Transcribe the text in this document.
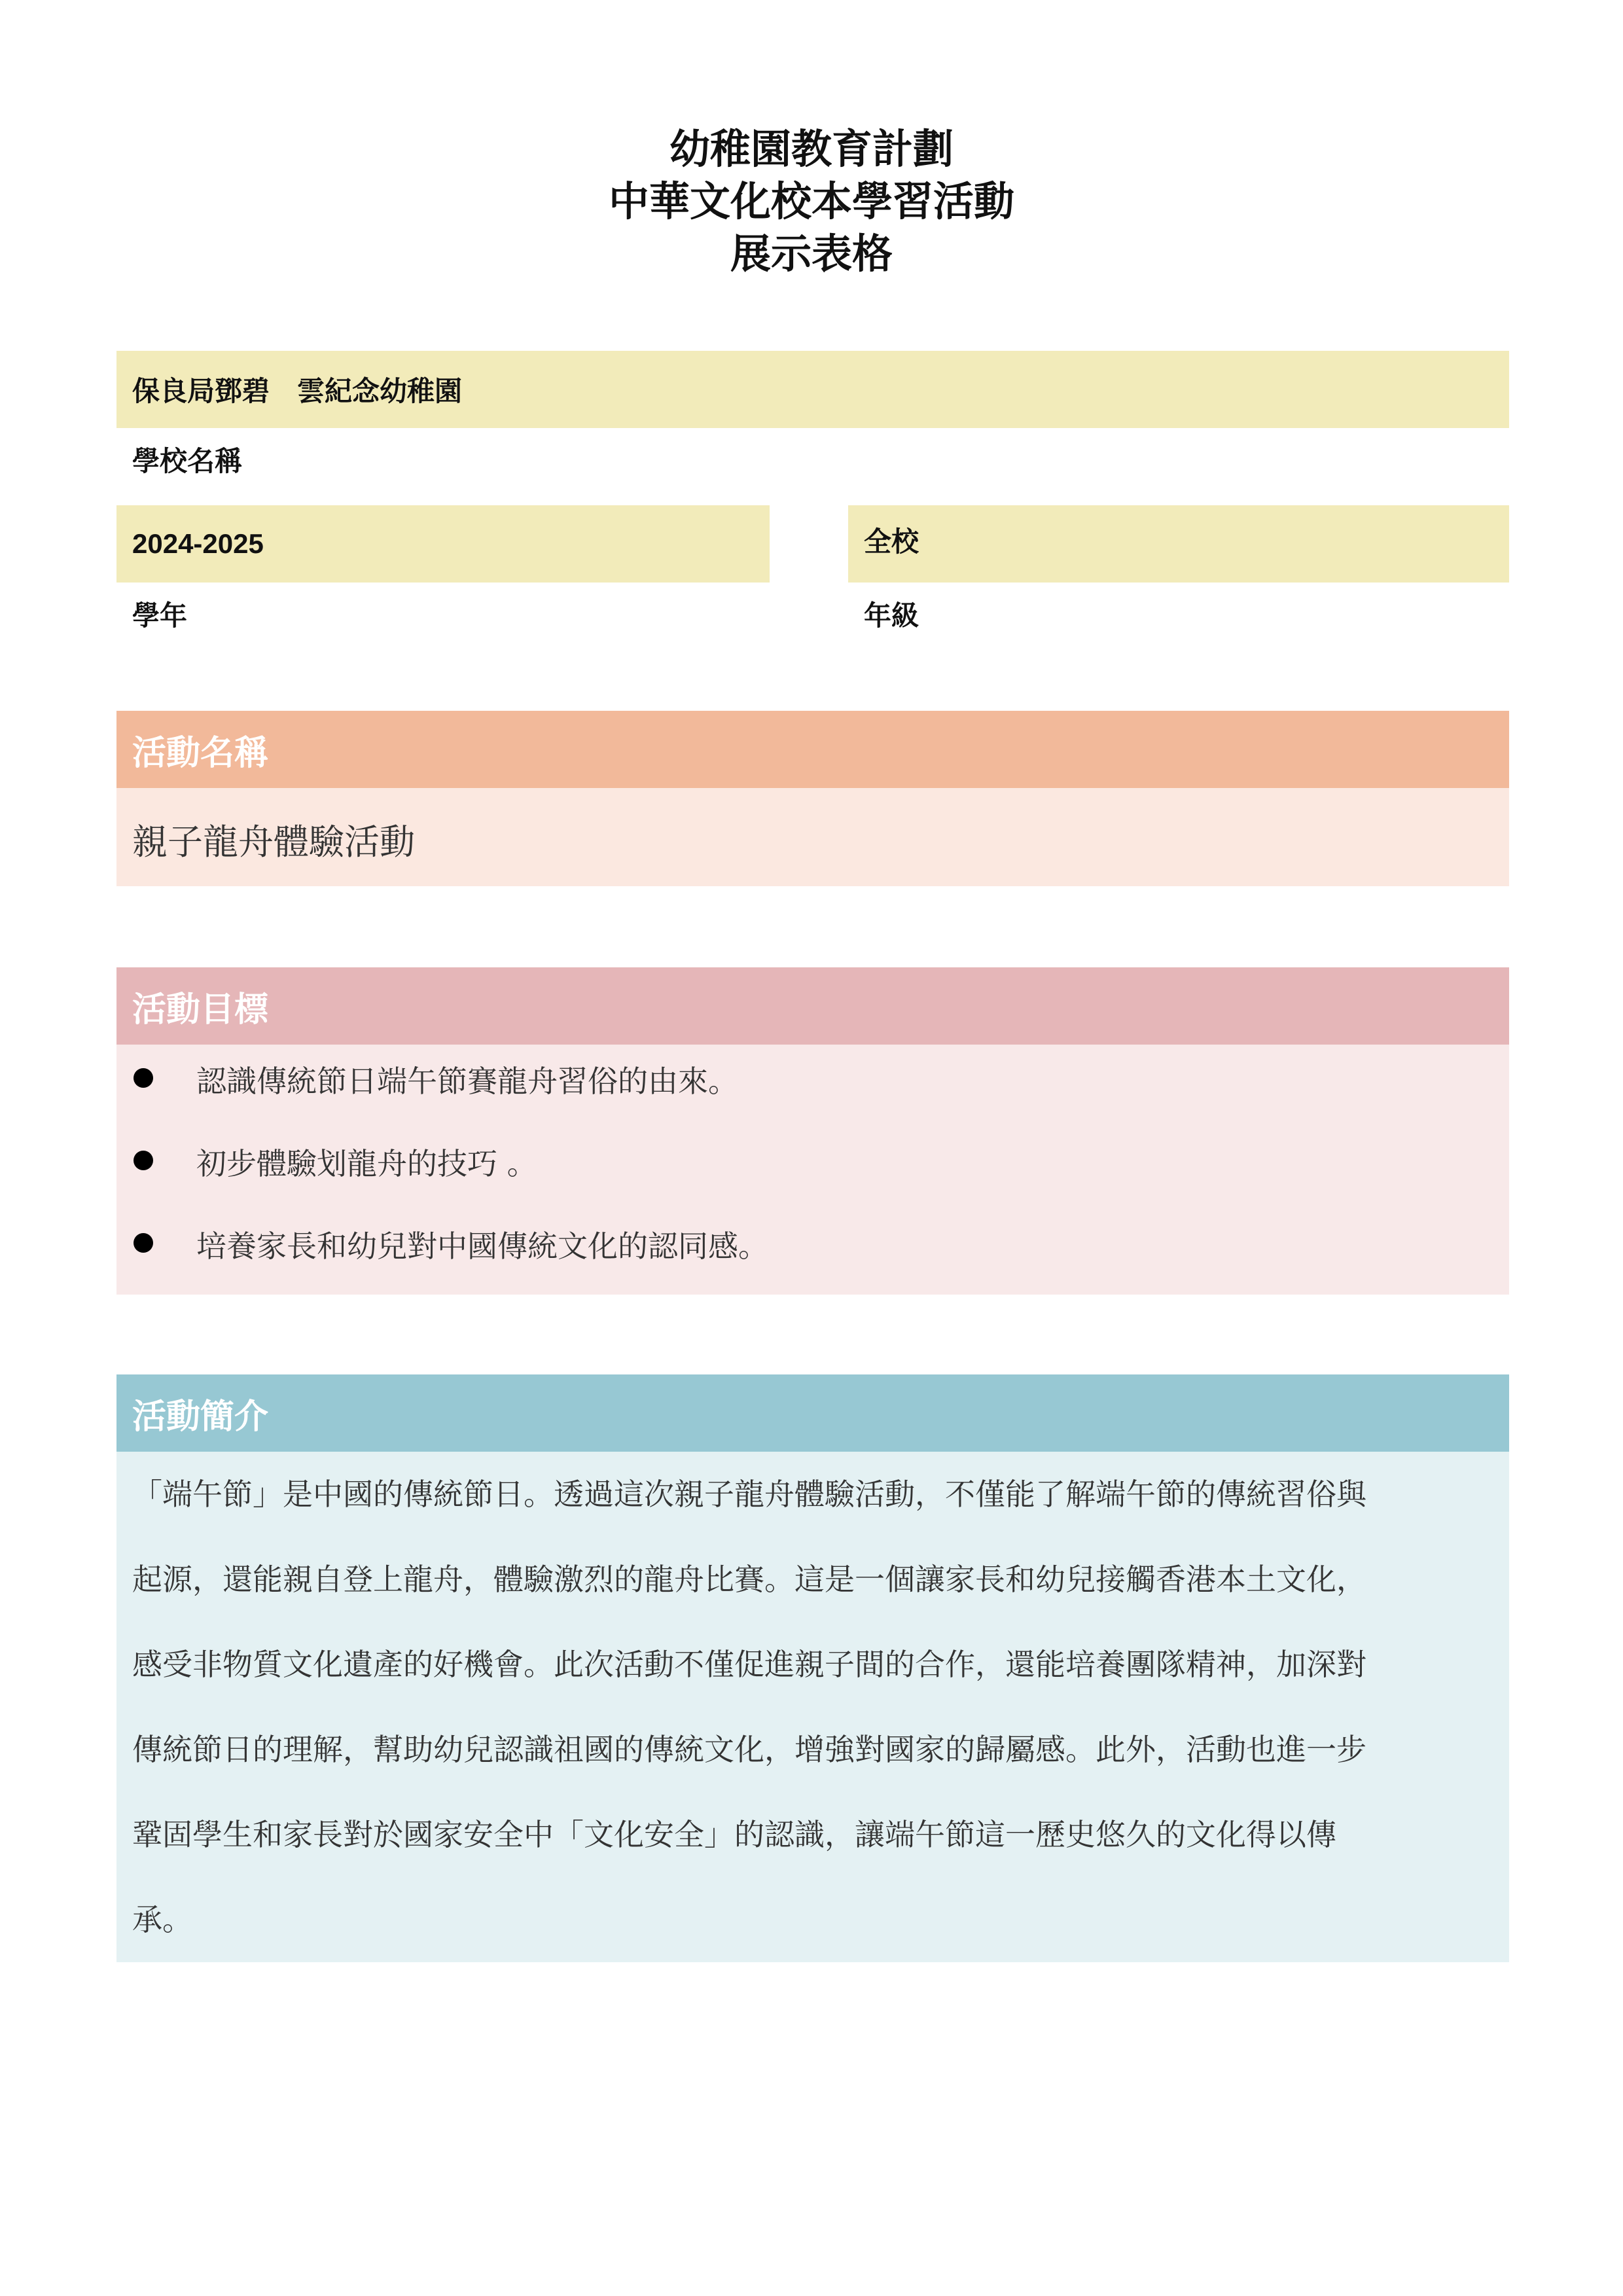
幼稚園教育計劃
中華文化校本學習活動
展示表格
保良局鄧碧　雲紀念幼稚園
學校名稱
2024-2025
學年
全校
年級
活動名稱
親子龍舟體驗活動
活動目標
認識傳統節日端午節賽龍舟習俗的由來。
初步體驗划龍舟的技巧 。
培養家長和幼兒對中國傳統文化的認同感。
活動簡介
「端午節」是中國的傳統節日。透過這次親子龍舟體驗活動，不僅能了解端午節的傳統習俗與
起源，還能親自登上龍舟，體驗激烈的龍舟比賽。這是一個讓家長和幼兒接觸香港本土文化，
感受非物質文化遺產的好機會。此次活動不僅促進親子間的合作，還能培養團隊精神，加深對
傳統節日的理解，幫助幼兒認識祖國的傳統文化，增強對國家的歸屬感。此外，活動也進一步
鞏固學生和家長對於國家安全中「文化安全」的認識，讓端午節這一歷史悠久的文化得以傳
承。
